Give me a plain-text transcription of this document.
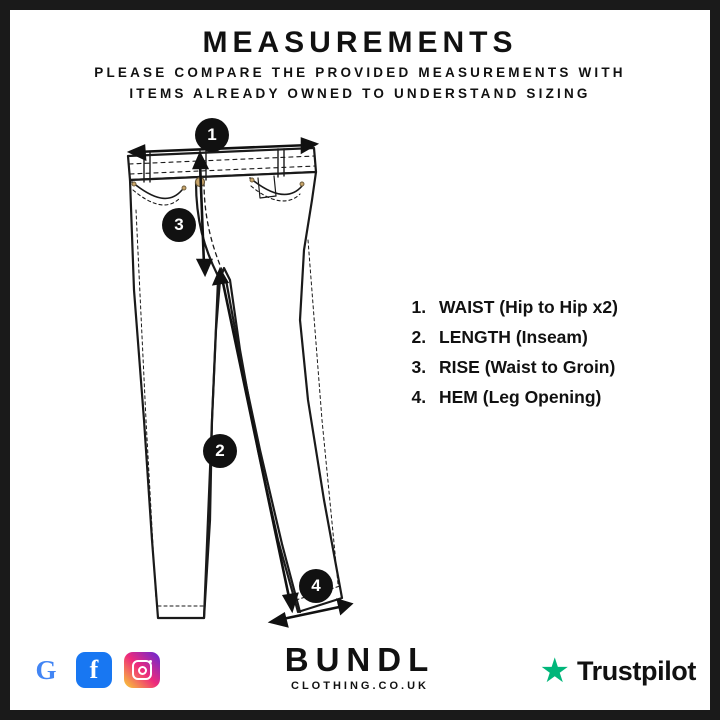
MEASUREMENTS
PLEASE COMPARE THE PROVIDED MEASUREMENTS WITH
ITEMS ALREADY OWNED TO UNDERSTAND SIZING
1
3
2
4
1. WAIST (Hip to Hip x2)
2. LENGTH (Inseam)
3. RISE (Waist to Groin)
4. HEM (Leg Opening)
G	f	BUNDL
CLOTHING.CO.UK	★ Trustpilot
